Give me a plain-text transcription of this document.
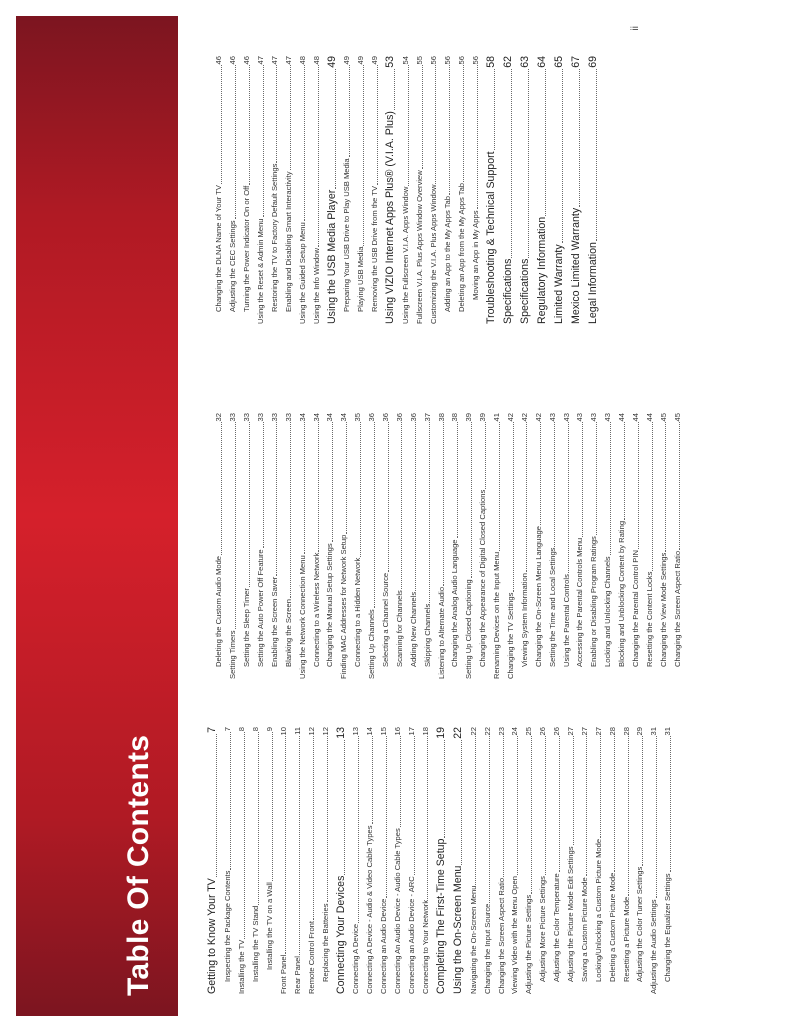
Table Of Contents
ii
Getting to Know Your TV
7
Inspecting the Package Contents
7
Installing the TV
8
Installing the TV Stand
8
Installing the TV on a Wall
9
Front Panel
10
Rear Panel
11
Remote Control Front
12
Replacing the Batteries
12
Connecting Your Devices
13
Connecting A Device
13
Connecting A Device - Audio & Video Cable Types
14
Connecting an Audio Device
15
Connecting An Audio Device - Audio Cable Types
16
Connecting an Audio Device - ARC
17
Connecting to Your Network
18
Completing The First-Time Setup
19
Using the On-Screen Menu
22
Navigating the On-Screen Menu
22
Changing the Input Source
22
Changing the Screen Aspect Ratio
23
Viewing Video with the Menu Open
24
Adjusting the Picture Settings
25
Adjusting More Picture Settings
26
Adjusting the Color Temperature
26
Adjusting the Picture Mode Edit Settings
27
Saving a Custom Picture Mode
27
Locking/Unlocking a Custom Picture Mode
27
Deleting a Custom Picture Mode
28
Resetting a Picture Mode
28
Adjusting the Color Tuner Settings
29
Adjusting the Audio Settings
31
Changing the Equalizer Settings
31
Deleting the Custom Audio Mode
32
Setting Timers
33
Setting the Sleep Timer
33
Setting the Auto Power Off Feature
33
Enabling the Screen Saver
33
Blanking the Screen
33
Using the Network Connection Menu
34
Connecting to a Wireless Network
34
Changing the Manual Setup Settings
34
Finding MAC Addresses for Network Setup
34
Connecting to a Hidden Network
35
Setting Up Channels
36
Selecting a Channel Source
36
Scanning for Channels
36
Adding New Channels
36
Skipping Channels
37
Listening to Alternate Audio
38
Changing the Analog Audio Language
38
Setting Up Closed Captioning
39
Changing the Appearance of Digital Closed Captions
39
Renaming Devices on the Input Menu
41
Changing the TV Settings
42
Viewing System Information
42
Changing the On-Screen Menu Language
42
Setting the Time and Local Settings
43
Using the Parental Controls
43
Accessing the Parental Controls Menu
43
Enabling or Disabling Program Ratings
43
Locking and Unlocking Channels
43
Blocking and Unblocking Content by Rating
44
Changing the Parental Control PIN
44
Resetting the Content Locks
44
Changing the View Mode Settings
45
Changing the Screen Aspect Ratio
45
Changing the DLNA Name of Your TV
46
Adjusting the CEC Settings
46
Turning the Power Indicator On or Off
46
Using the Reset & Admin Menu
47
Restoring the TV to Factory Default Settings
47
Enabling and Disabling Smart Interactivity
47
Using the Guided Setup Menu
48
Using the Info Window
48
Using the USB Media Player
49
Preparing Your USB Drive to Play USB Media
49
Playing USB Media
49
Removing the USB Drive from the TV
49
Using VIZIO Internet Apps Plus® (V.I.A. Plus)
53
Using the Fullscreen V.I.A. Apps Window
54
Fullscreen V.I.A. Plus Apps Window Overview
55
Customizing the V.I.A. Plus Apps Window
56
Adding an App to the My Apps Tab
56
Deleting an App from the My Apps Tab
56
Moving an App in My Apps
56
Troubleshooting & Technical Support
58
Specifications
62
Specifications
63
Regulatory Information
64
Limited Warranty
65
Mexico Limited Warranty
67
Legal Information
69
